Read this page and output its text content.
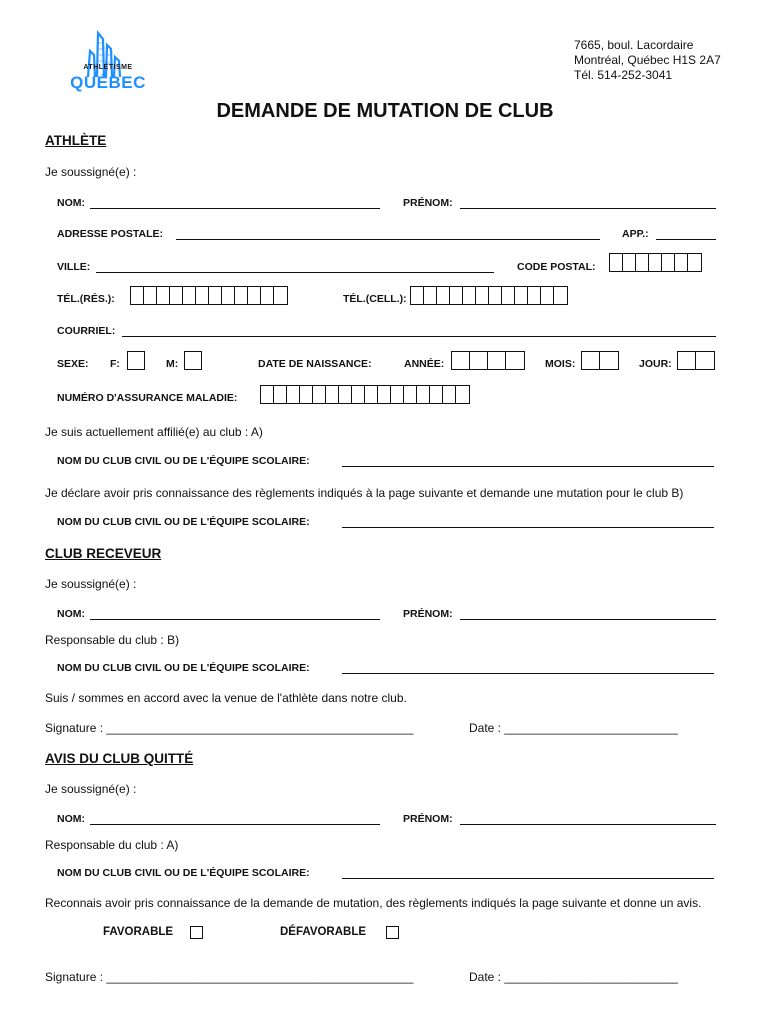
ATHLÉTISME
QUÉBEC
7665, boul. Lacordaire
Montréal, Québec H1S 2A7
Tél. 514-252-3041
DEMANDE DE MUTATION DE CLUB
ATHLÈTE
Je soussigné(e) :
NOM:	PRÉNOM:
ADRESSE POSTALE:	APP.:
VILLE:	CODE POSTAL:
TÉL.(RÉS.):	TÉL.(CELL.):
COURRIEL:
SEXE: F:	M:	DATE DE NAISSANCE:	ANNÉE:	MOIS:	JOUR:
NUMÉRO D'ASSURANCE MALADIE:
Je suis actuellement affilié(e) au club : A)
NOM DU CLUB CIVIL OU DE L'ÉQUIPE SCOLAIRE:
Je déclare avoir pris connaissance des règlements indiqués à la page suivante et demande une mutation pour le club B)
NOM DU CLUB CIVIL OU DE L'ÉQUIPE SCOLAIRE:
CLUB RECEVEUR
Je soussigné(e) :
NOM:	PRÉNOM:
Responsable du club : B)
NOM DU CLUB CIVIL OU DE L'ÉQUIPE SCOLAIRE:
Suis / sommes en accord avec la venue de l'athlète dans notre club.
Signature : ______________________________________________	Date : __________________________
AVIS DU CLUB QUITTÉ
Je soussigné(e) :
NOM:	PRÉNOM:
Responsable du club : A)
NOM DU CLUB CIVIL OU DE L'ÉQUIPE SCOLAIRE:
Reconnais avoir pris connaissance de la demande de mutation, des règlements indiqués la page suivante et donne un avis.
FAVORABLE	DÉFAVORABLE
Signature : ______________________________________________	Date : __________________________
